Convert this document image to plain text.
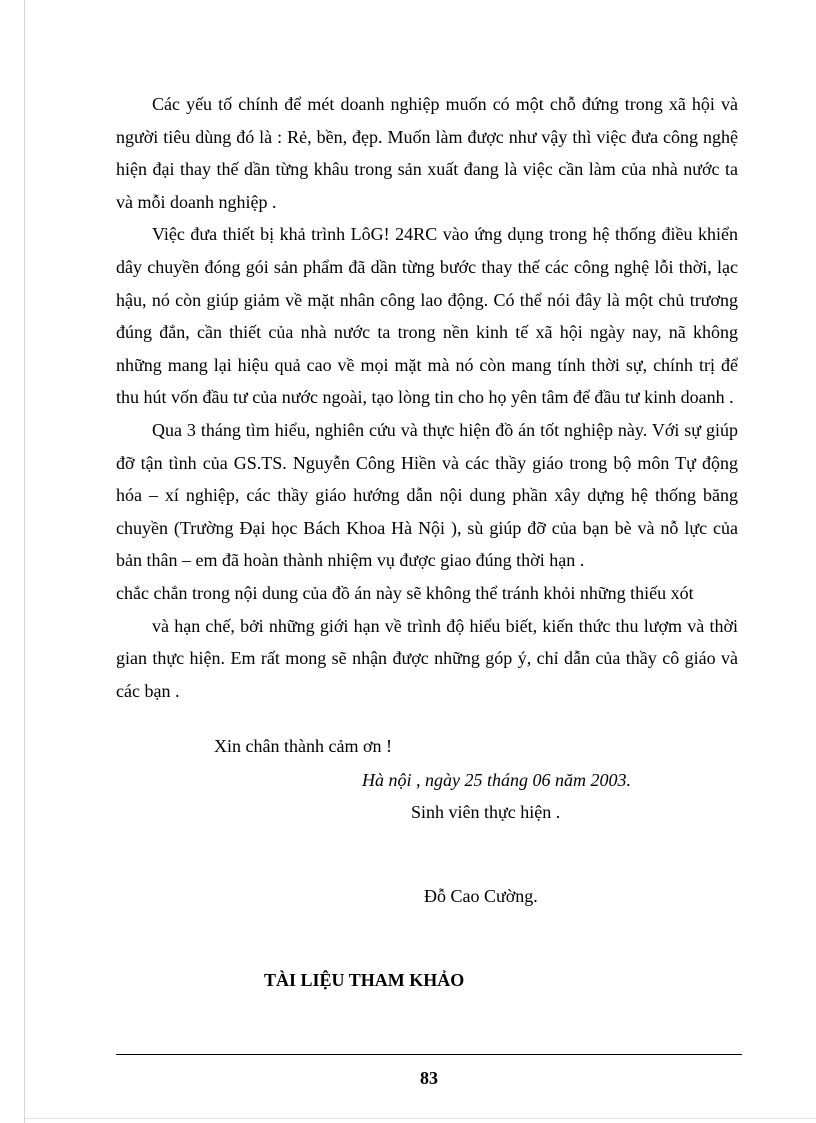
Các yếu tố chính để mét doanh nghiệp muốn có một chỗ đứng trong xã hội và người tiêu dùng đó là : Rẻ, bền, đẹp. Muốn làm được như vậy thì việc đưa công nghệ hiện đại thay thế dần từng khâu trong sản xuất đang là việc cần làm của nhà nước ta và mỗi doanh nghiệp .

Việc đưa thiết bị khả trình LôG! 24RC vào ứng dụng trong hệ thống điều khiển dây chuyền đóng gói sản phẩm đã dần từng bước thay thế các công nghệ lỗi thời, lạc hậu, nó còn giúp giảm về mặt nhân công lao động. Có thể nói đây là một chủ trương đúng đắn, cần thiết của nhà nước ta trong nền kinh tế xã hội ngày nay, nã không những mang lại hiệu quả cao về mọi mặt mà nó còn mang tính thời sự, chính trị để thu hút vốn đầu tư của nước ngoài, tạo lòng tin cho họ yên tâm để đầu tư kinh doanh .

Qua 3 tháng tìm hiểu, nghiên cứu và thực hiện đồ án tốt nghiệp này. Với sự giúp đỡ tận tình của GS.TS. Nguyễn Công Hiền và các thầy giáo trong bộ môn Tự động hóa – xí nghiệp, các thầy giáo hướng dẫn nội dung phần xây dựng hệ thống băng chuyền (Trường Đại học Bách Khoa Hà Nội ), sù giúp đỡ của bạn bè và nỗ lực của bản thân – em đã hoàn thành nhiệm vụ được giao đúng thời hạn .

chắc chắn trong nội dung của đồ án này sẽ không thể tránh khỏi những thiếu xót

và hạn chế, bởi những giới hạn về trình độ hiểu biết, kiến thức thu lượm và thời gian thực hiện. Em rất mong sẽ nhận được những góp ý, chỉ dẫn của thầy cô giáo và các bạn .

Xin chân thành cảm ơn !
Hà nội , ngày 25 tháng 06 năm 2003.
Sinh viên thực hiện .
Đỗ Cao Cường.
TÀI LIỆU THAM KHẢO
83
